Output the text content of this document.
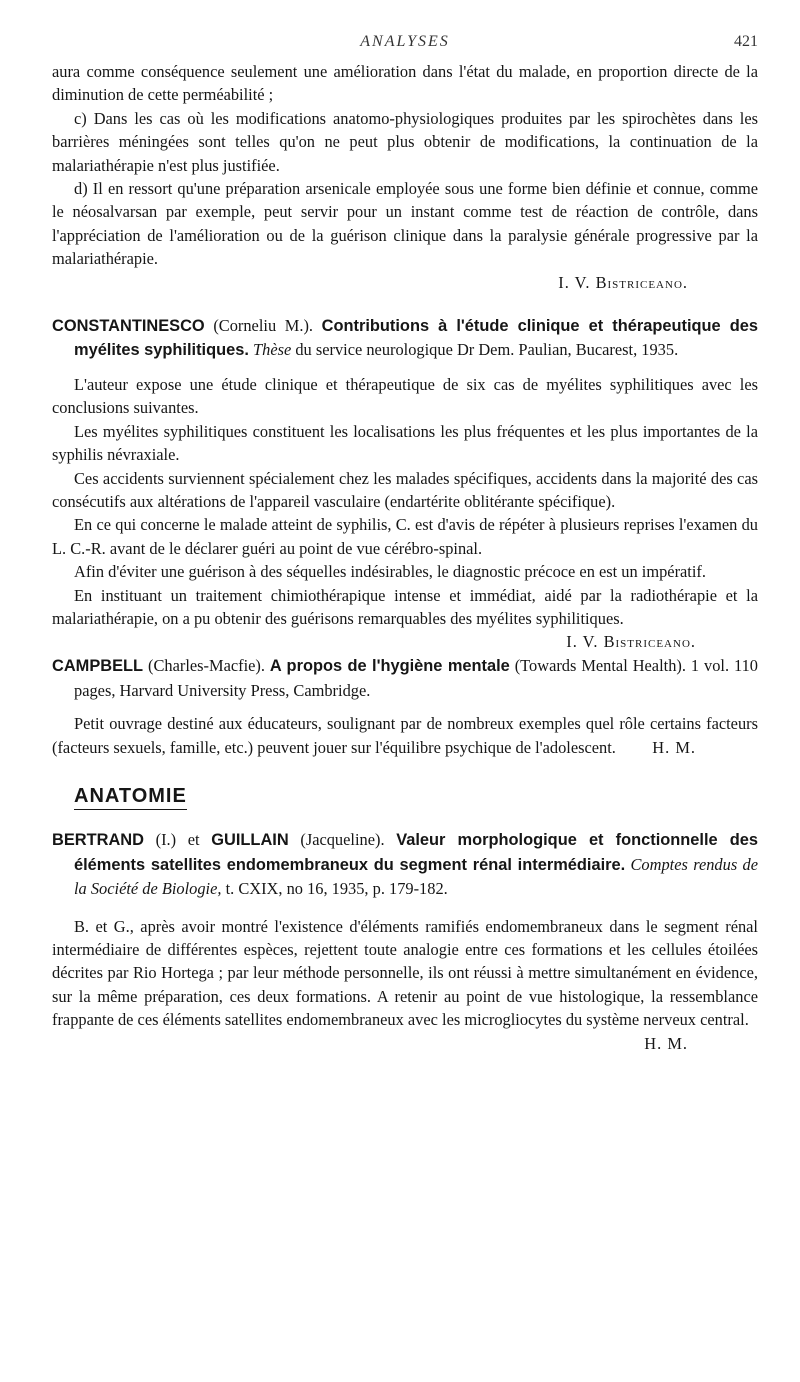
ANALYSES	421

aura comme conséquence seulement une amélioration dans l'état du malade, en proportion directe de la diminution de cette perméabilité ;

c) Dans les cas où les modifications anatomo-physiologiques produites par les spirochètes dans les barrières méningées sont telles qu'on ne peut plus obtenir de modifications, la continuation de la malariathérapie n'est plus justifiée.

d) Il en ressort qu'une préparation arsenicale employée sous une forme bien définie et connue, comme le néosalvarsan par exemple, peut servir pour un instant comme test de réaction de contrôle, dans l'appréciation de l'amélioration ou de la guérison clinique dans la paralysie générale progressive par la malariathérapie.

I. V. Bistriceano.

CONSTANTINESCO (Corneliu M.). Contributions à l'étude clinique et thérapeutique des myélites syphilitiques. Thèse du service neurologique Dr Dem. Paulian, Bucarest, 1935.

L'auteur expose une étude clinique et thérapeutique de six cas de myélites syphilitiques avec les conclusions suivantes.

Les myélites syphilitiques constituent les localisations les plus fréquentes et les plus importantes de la syphilis névraxiale.

Ces accidents surviennent spécialement chez les malades spécifiques, accidents dans la majorité des cas consécutifs aux altérations de l'appareil vasculaire (endartérite oblitérante spécifique).

En ce qui concerne le malade atteint de syphilis, C. est d'avis de répéter à plusieurs reprises l'examen du L. C.-R. avant de le déclarer guéri au point de vue cérébro-spinal.

Afin d'éviter une guérison à des séquelles indésirables, le diagnostic précoce en est un impératif.

En instituant un traitement chimiothérapique intense et immédiat, aidé par la radiothérapie et la malariathérapie, on a pu obtenir des guérisons remarquables des myélites syphilitiques.
I. V. Bistriceano.

CAMPBELL (Charles-Macfie). A propos de l'hygiène mentale (Towards Mental Health). 1 vol. 110 pages, Harvard University Press, Cambridge.

Petit ouvrage destiné aux éducateurs, soulignant par de nombreux exemples quel rôle certains facteurs (facteurs sexuels, famille, etc.) peuvent jouer sur l'équilibre psychique de l'adolescent.	H. M.

ANATOMIE

BERTRAND (I.) et GUILLAIN (Jacqueline). Valeur morphologique et fonctionnelle des éléments satellites endomembraneux du segment rénal intermédiaire. Comptes rendus de la Société de Biologie, t. CXIX, no 16, 1935, p. 179-182.

B. et G., après avoir montré l'existence d'éléments ramifiés endomembraneux dans le segment rénal intermédiaire de différentes espèces, rejettent toute analogie entre ces formations et les cellules étoilées décrites par Rio Hortega ; par leur méthode personnelle, ils ont réussi à mettre simultanément en évidence, sur la même préparation, ces deux formations. A retenir au point de vue histologique, la ressemblance frappante de ces éléments satellites endomembraneux avec les microgliocytes du système nerveux central.

H. M.
